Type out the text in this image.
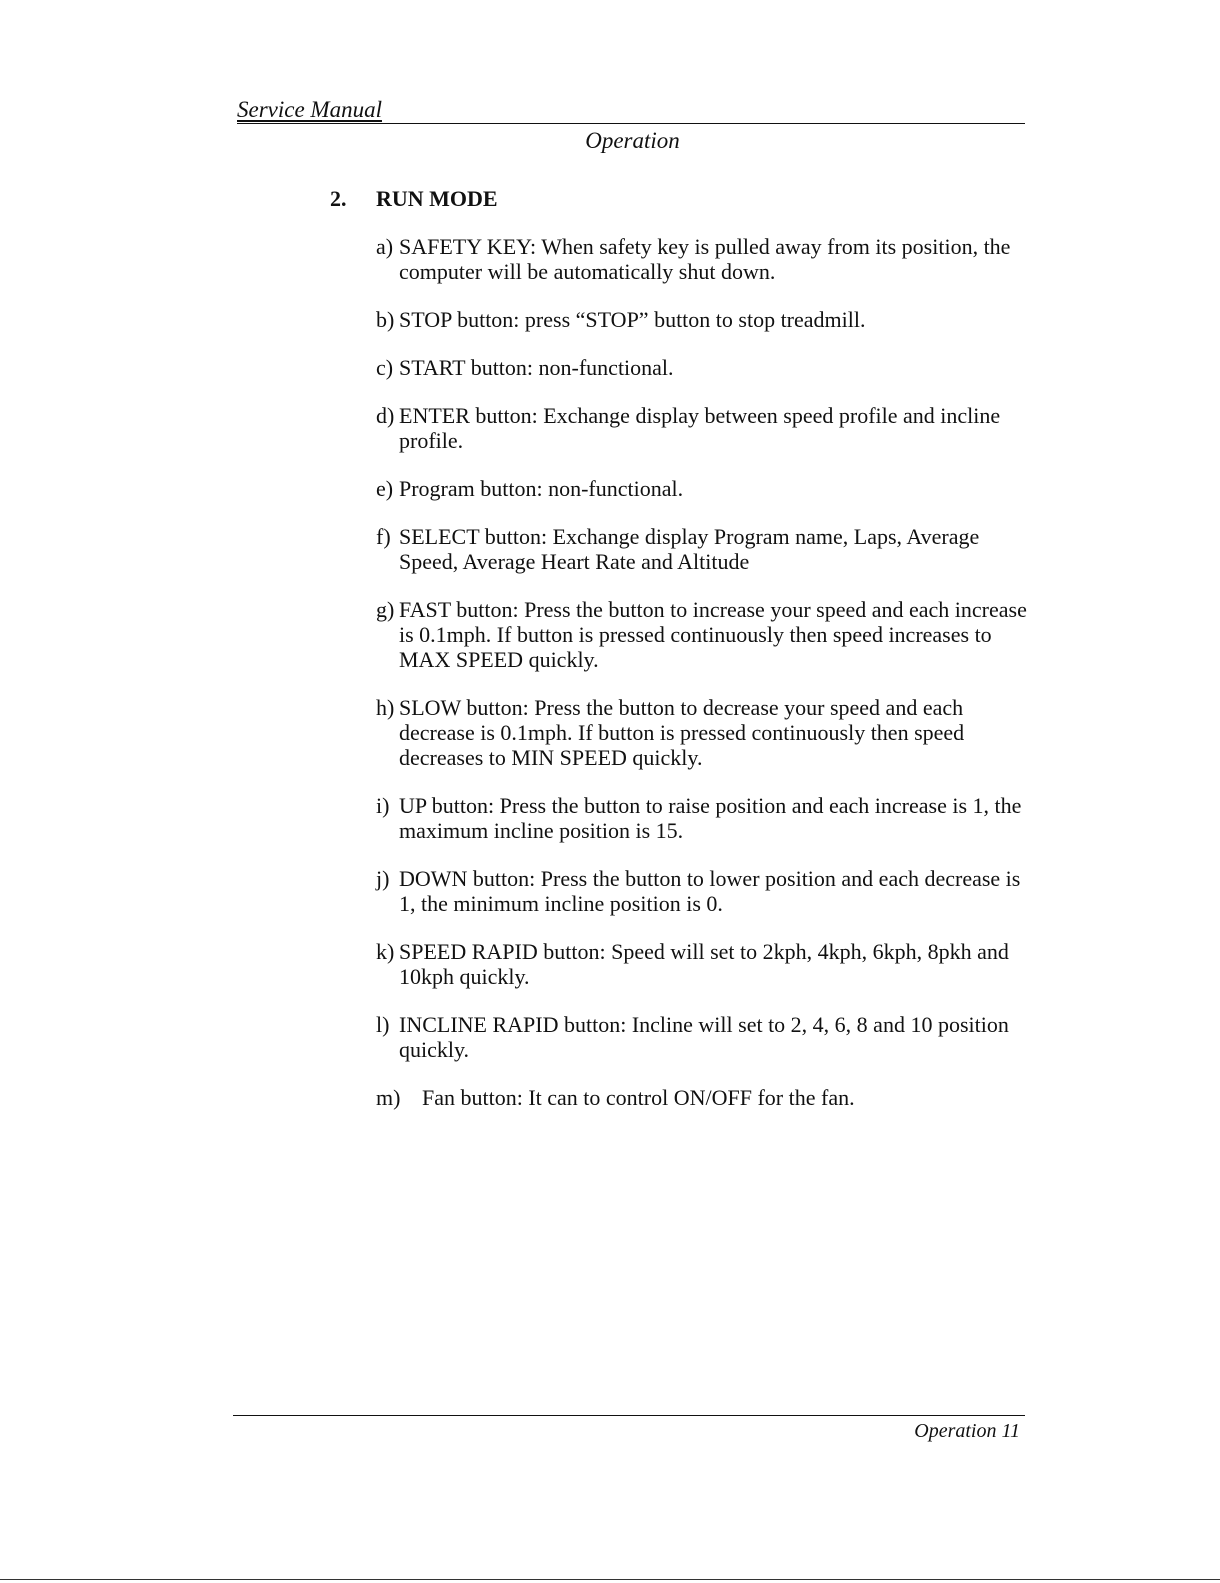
Service Manual
Operation
2. RUN MODE
a) SAFETY KEY: When safety key is pulled away from its position, the computer will be automatically shut down.
b) STOP button: press “STOP” button to stop treadmill.
c) START button: non-functional.
d) ENTER button: Exchange display between speed profile and incline profile.
e) Program button: non-functional.
f) SELECT button: Exchange display Program name, Laps, Average Speed, Average Heart Rate and Altitude
g) FAST button: Press the button to increase your speed and each increase is 0.1mph. If button is pressed continuously then speed increases to MAX SPEED quickly.
h) SLOW button: Press the button to decrease your speed and each decrease is 0.1mph. If button is pressed continuously then speed decreases to MIN SPEED quickly.
i) UP button: Press the button to raise position and each increase is 1, the maximum incline position is 15.
j) DOWN button: Press the button to lower position and each decrease is 1, the minimum incline position is 0.
k) SPEED RAPID button: Speed will set to 2kph, 4kph, 6kph, 8pkh and 10kph quickly.
l) INCLINE RAPID button: Incline will set to 2, 4, 6, 8 and 10 position quickly.
m) Fan button: It can to control ON/OFF for the fan.
Operation 11
